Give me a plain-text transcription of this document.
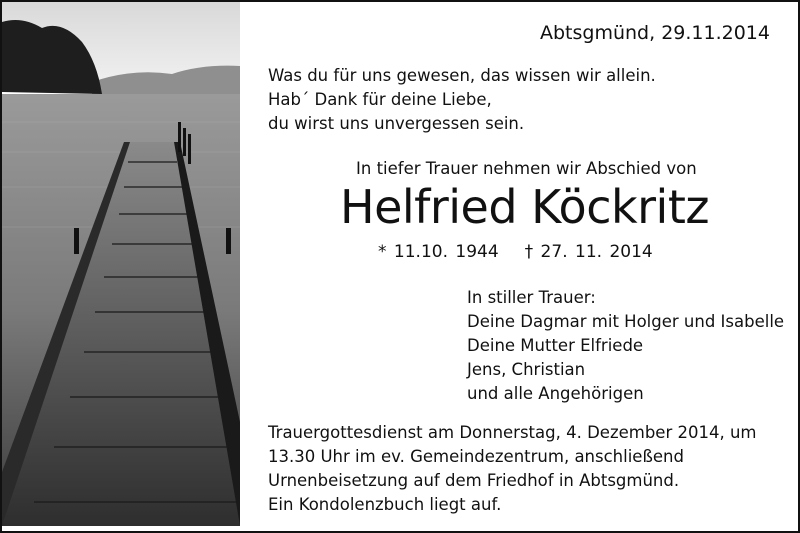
Abtsgmünd, 29.11.2014
Was du für uns gewesen, das wissen wir allein.
Hab´ Dank für deine Liebe,
du wirst uns unvergessen sein.
In tiefer Trauer nehmen wir Abschied von
Helfried Köckritz
* 11.10. 1944 † 27. 11. 2014
In stiller Trauer:
Deine Dagmar mit Holger und Isabelle
Deine Mutter Elfriede
Jens, Christian
und alle Angehörigen
Trauergottesdienst am Donnerstag, 4. Dezember 2014, um
13.30 Uhr im ev. Gemeindezentrum, anschließend
Urnenbeisetzung auf dem Friedhof in Abtsgmünd.
Ein Kondolenzbuch liegt auf.
